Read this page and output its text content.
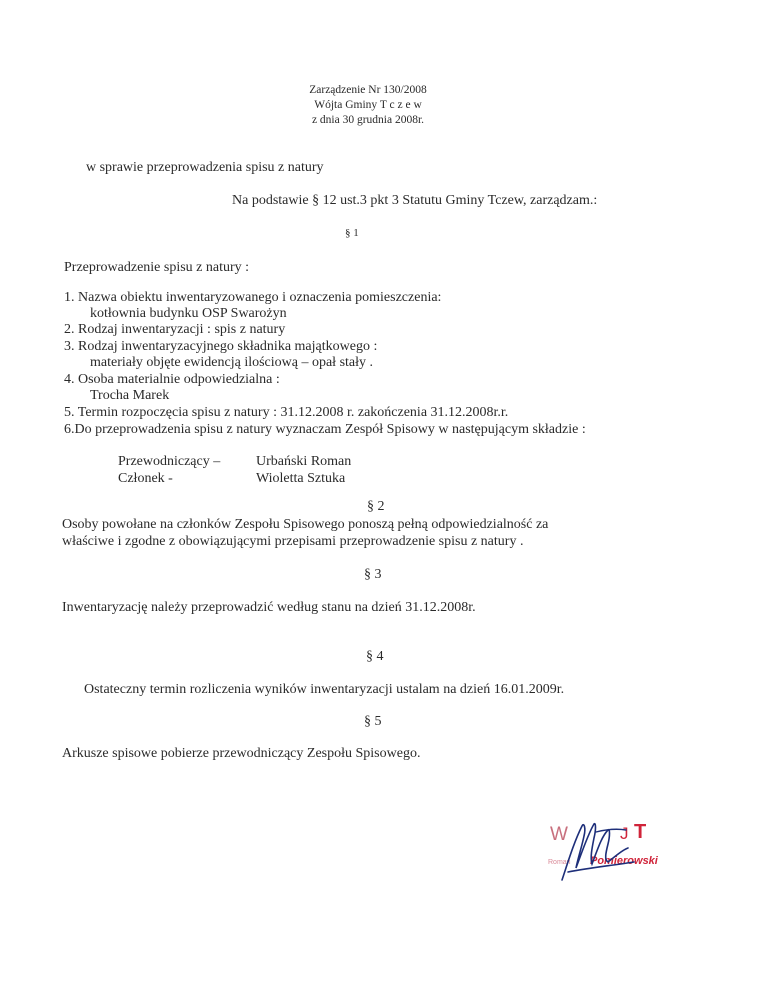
Zarządzenie Nr 130/2008
Wójta Gminy T c z e w
z dnia 30 grudnia 2008r.
w sprawie przeprowadzenia spisu z natury
Na podstawie § 12 ust.3 pkt 3 Statutu Gminy Tczew, zarządzam.:
§ 1
Przeprowadzenie spisu z natury :
1. Nazwa obiektu inwentaryzowanego i oznaczenia pomieszczenia:
kotłownia budynku OSP Swarożyn
2. Rodzaj inwentaryzacji : spis z natury
3. Rodzaj inwentaryzacyjnego składnika majątkowego :
materiały objęte ewidencją ilościową – opał stały .
4. Osoba materialnie odpowiedzialna :
Trocha Marek
5. Termin rozpoczęcia spisu z natury : 31.12.2008 r. zakończenia 31.12.2008r.r.
6.Do przeprowadzenia spisu z natury wyznaczam Zespół Spisowy w następującym składzie :
Przewodniczący –	Urbański Roman
Członek -	Wioletta Sztuka
§ 2
Osoby powołane na członków Zespołu Spisowego ponoszą pełną odpowiedzialność za
właściwe i zgodne z obowiązującymi przepisami przeprowadzenie spisu z natury .
§ 3
Inwentaryzację należy przeprowadzić według stanu na dzień 31.12.2008r.
§ 4
Ostateczny termin rozliczenia wyników inwentaryzacji ustalam na dzień 16.01.2009r.
§ 5
Arkusze spisowe pobierze przewodniczący Zespołu Spisowego.
W	T
J
Pomierowski
Roman
